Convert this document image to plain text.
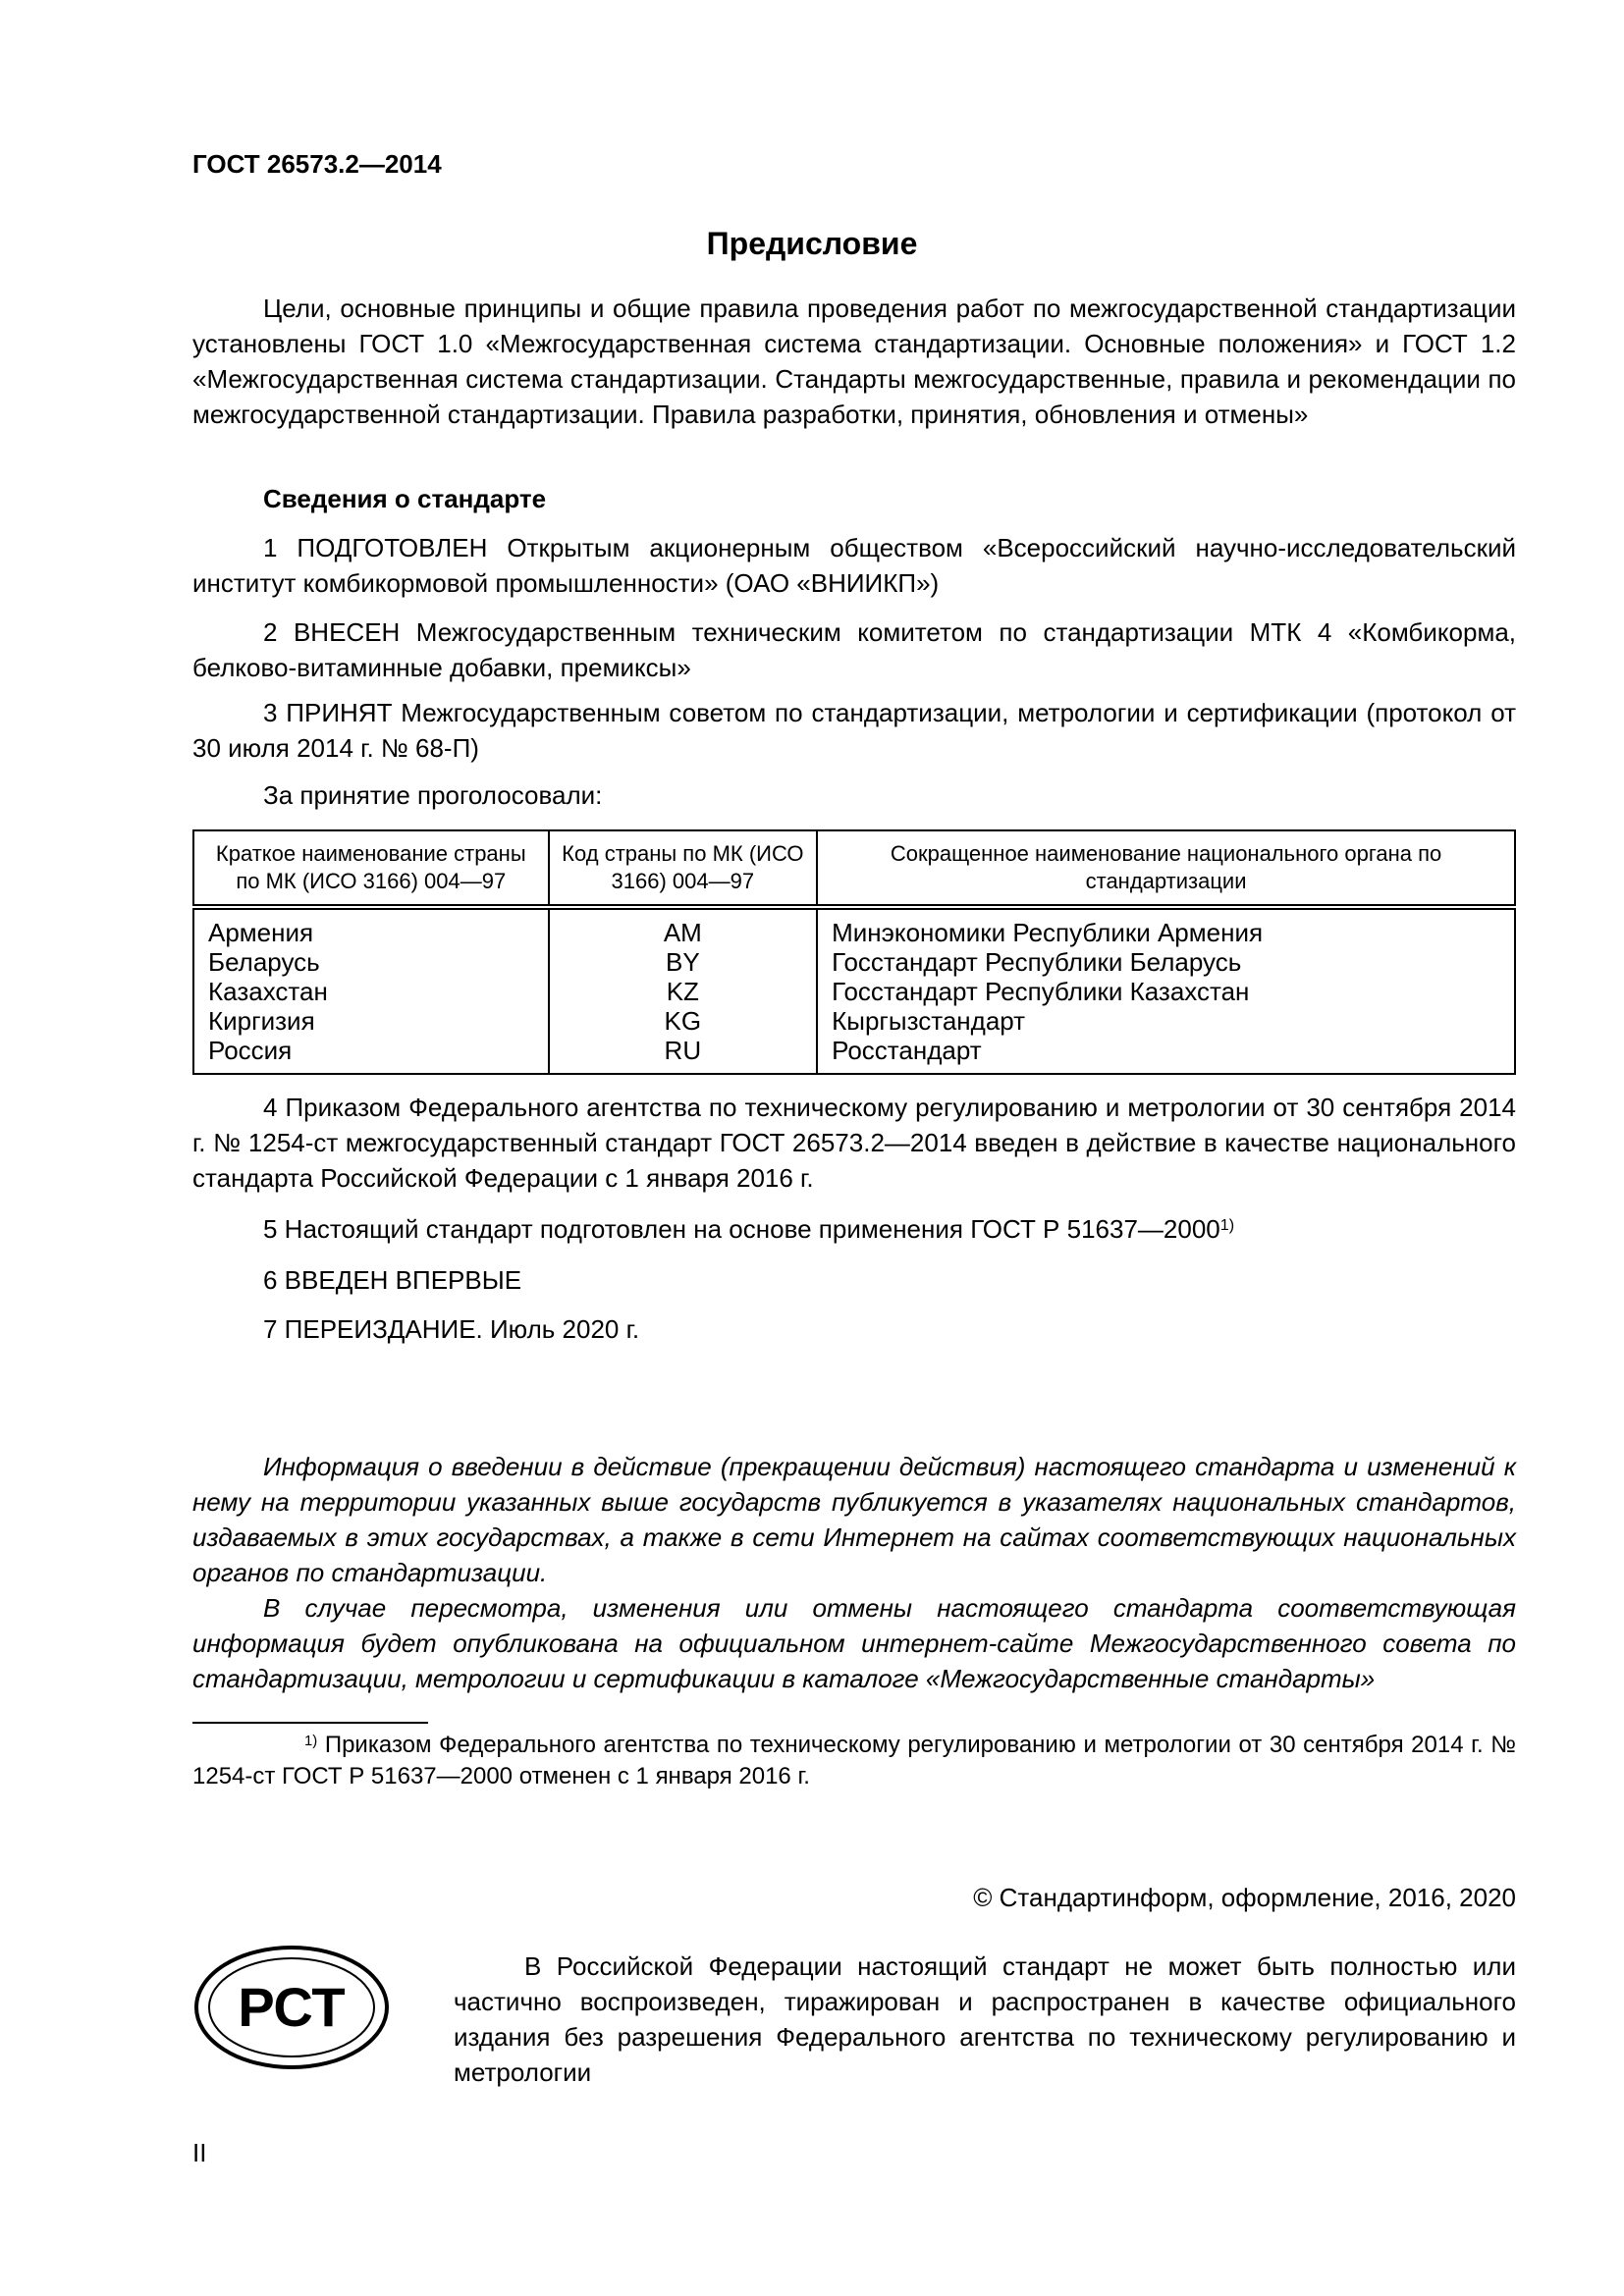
ГОСТ 26573.2—2014
Предисловие

Цели, основные принципы и общие правила проведения работ по межгосударственной стандартизации установлены ГОСТ 1.0 «Межгосударственная система стандартизации. Основные положения» и ГОСТ 1.2 «Межгосударственная система стандартизации. Стандарты межгосударственные, правила и рекомендации по межгосударственной стандартизации. Правила разработки, принятия, обновления и отмены»

Сведения о стандарте

1 ПОДГОТОВЛЕН Открытым акционерным обществом «Всероссийский научно-исследовательский институт комбикормовой промышленности» (ОАО «ВНИИКП»)

2 ВНЕСЕН Межгосударственным техническим комитетом по стандартизации МТК 4 «Комбикорма, белково-витаминные добавки, премиксы»

3 ПРИНЯТ Межгосударственным советом по стандартизации, метрологии и сертификации (протокол от 30 июля 2014 г. № 68-П)

За принятие проголосовали:
Краткое наименование страны по МК (ИСО 3166) 004—97	Код страны по МК (ИСО 3166) 004—97	Сокращенное наименование национального органа по стандартизации
Армения	AM	Минэкономики Республики Армения
Беларусь	BY	Госстандарт Республики Беларусь
Казахстан	KZ	Госстандарт Республики Казахстан
Киргизия	KG	Кыргызстандарт
Россия	RU	Росстандарт

4 Приказом Федерального агентства по техническому регулированию и метрологии от 30 сентября 2014 г. № 1254-ст межгосударственный стандарт ГОСТ 26573.2—2014 введен в действие в качестве национального стандарта Российской Федерации с 1 января 2016 г.

5 Настоящий стандарт подготовлен на основе применения ГОСТ Р 51637—2000$^{1)}$

6 ВВЕДЕН ВПЕРВЫЕ

7 ПЕРЕИЗДАНИЕ. Июль 2020 г.

Информация о введении в действие (прекращении действия) настоящего стандарта и изменений к нему на территории указанных выше государств публикуется в указателях национальных стандартов, издаваемых в этих государствах, а также в сети Интернет на сайтах соответствующих национальных органов по стандартизации.

В случае пересмотра, изменения или отмены настоящего стандарта соответствующая информация будет опубликована на официальном интернет-сайте Межгосударственного совета по стандартизации, метрологии и сертификации в каталоге «Межгосударственные стандарты»

$^{1)}$ Приказом Федерального агентства по техническому регулированию и метрологии от 30 сентября 2014 г. № 1254-ст ГОСТ Р 51637—2000 отменен с 1 января 2016 г.

© Стандартинформ, оформление, 2016, 2020
РСТ

В Российской Федерации настоящий стандарт не может быть полностью или частично воспроизведен, тиражирован и распространен в качестве официального издания без разрешения Федерального агентства по техническому регулированию и метрологии

II
